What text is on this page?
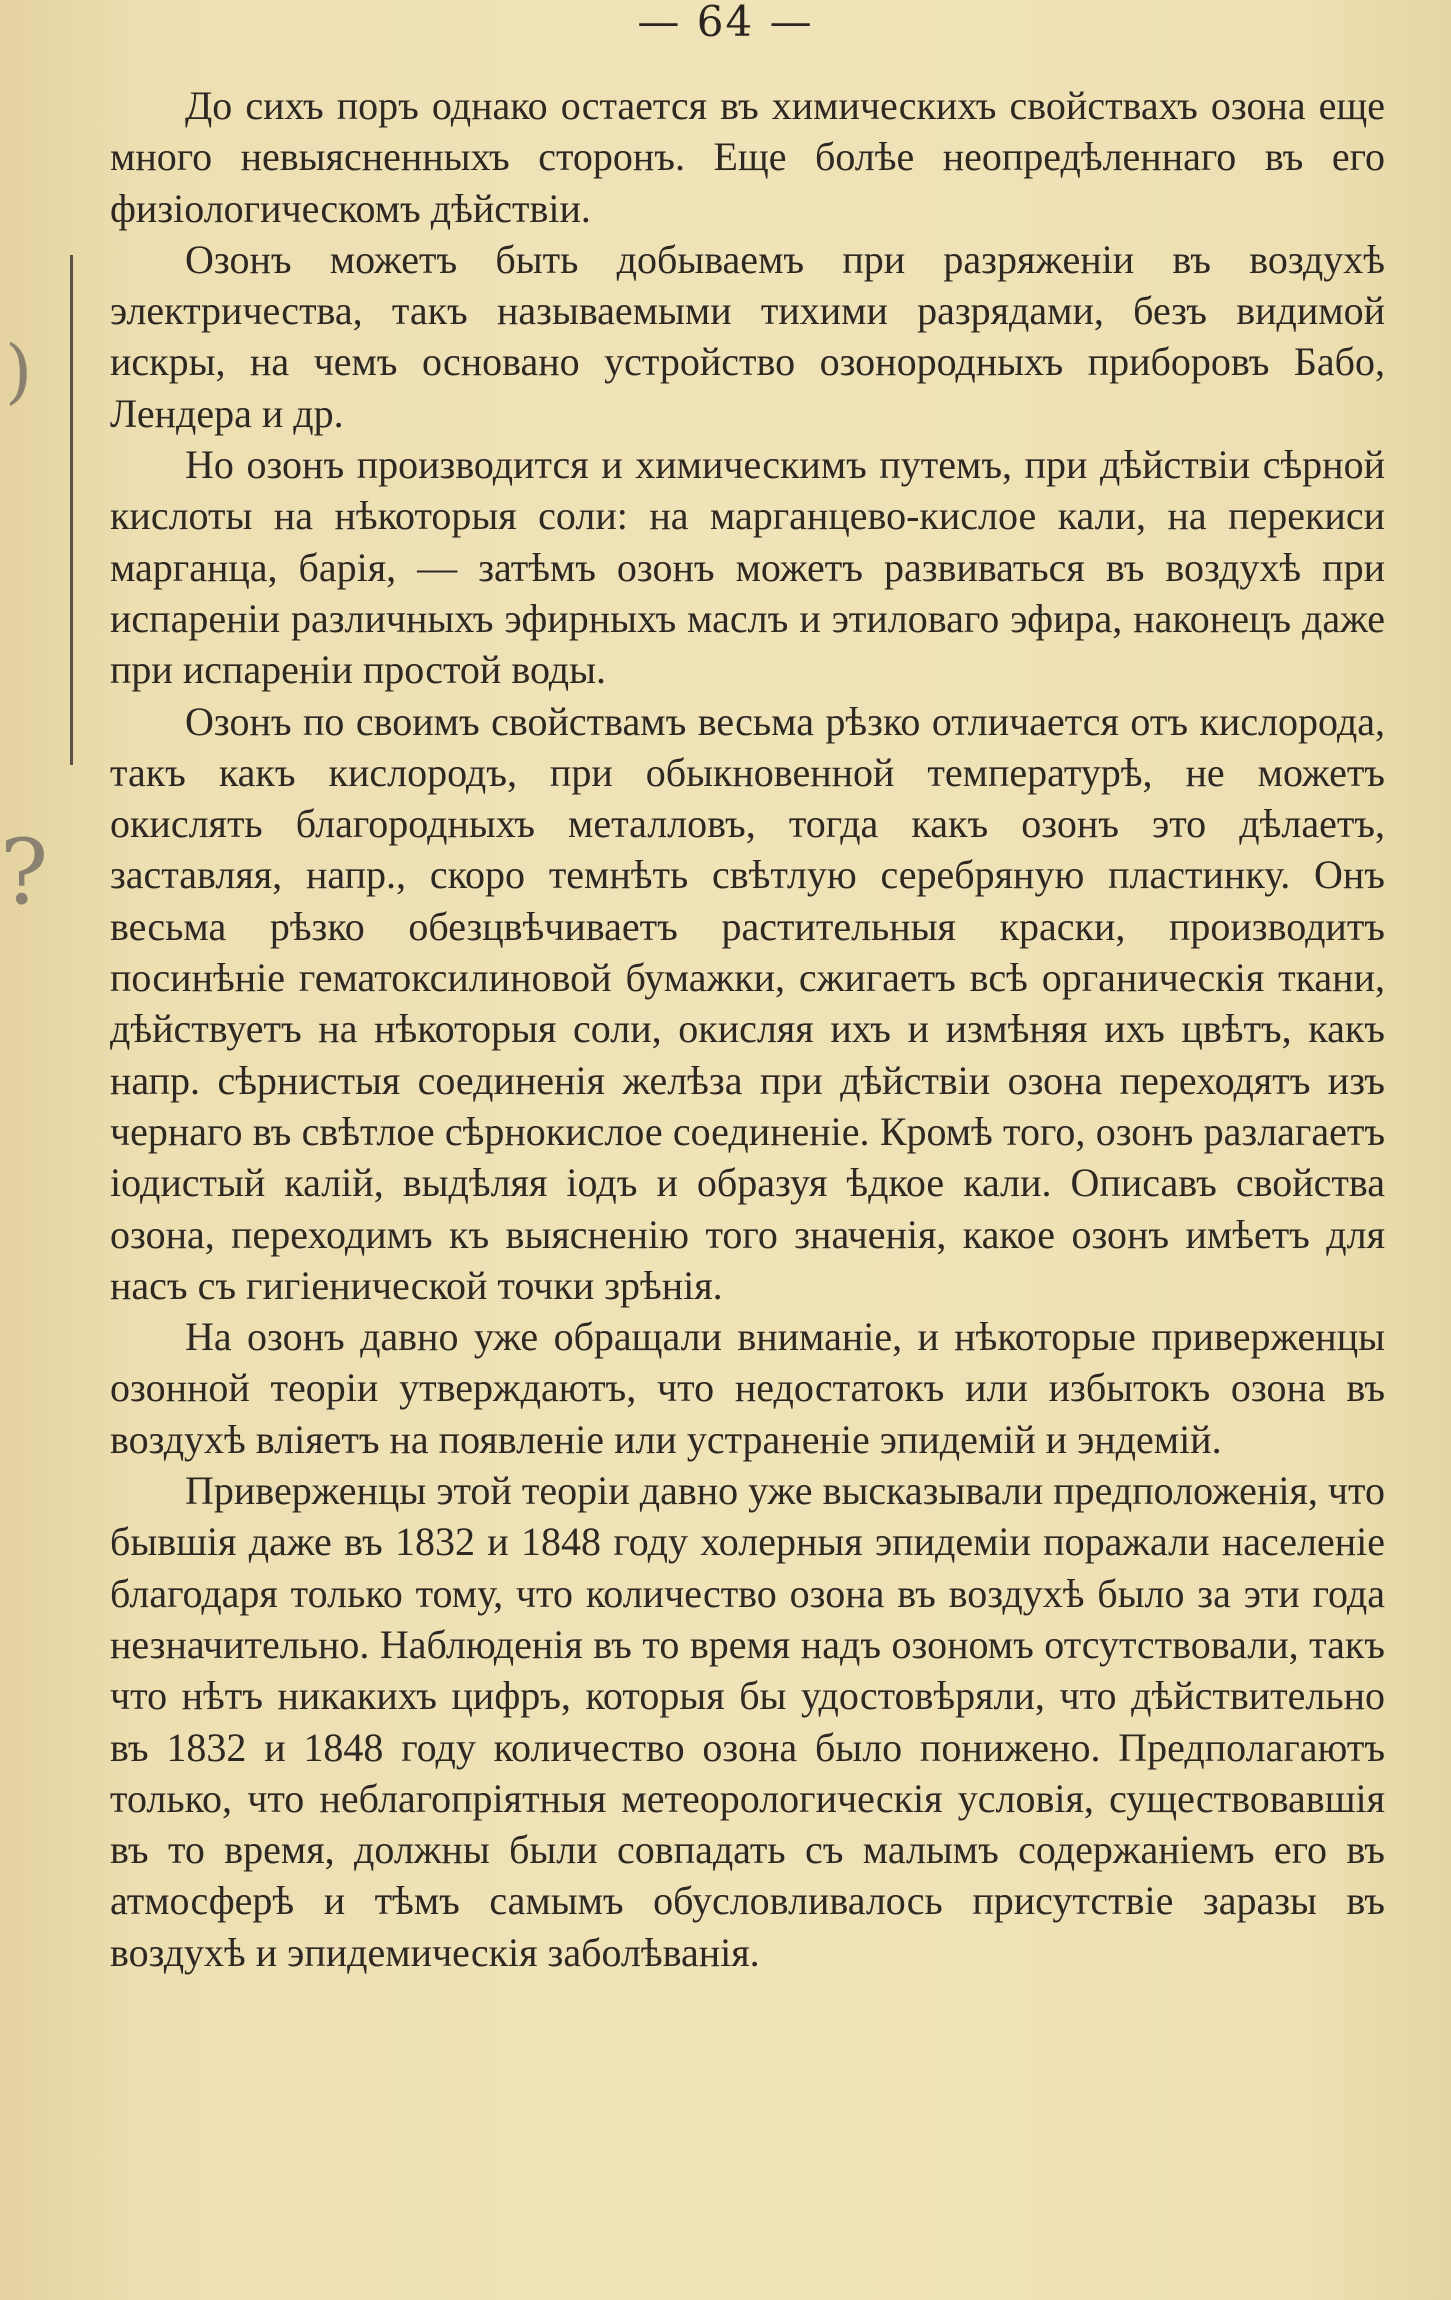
— 64 —
)
?

До сихъ поръ однако остается въ химическихъ свойствахъ озона еще много невыясненныхъ сторонъ. Еще болѣе неопредѣленнаго въ его физіологическомъ дѣйствіи.

Озонъ можетъ быть добываемъ при разряженіи въ воздухѣ электричества, такъ называемыми тихими разрядами, безъ видимой искры, на чемъ основано устройство озонородныхъ приборовъ Бабо, Лендера и др.

Но озонъ производится и химическимъ путемъ, при дѣйствіи сѣрной кислоты на нѣкоторыя соли: на марганцево-кислое кали, на перекиси марганца, барія, — затѣмъ озонъ можетъ развиваться въ воздухѣ при испареніи различныхъ эфирныхъ маслъ и этиловаго эфира, наконецъ даже при испареніи простой воды.

Озонъ по своимъ свойствамъ весьма рѣзко отличается отъ кислорода, такъ какъ кислородъ, при обыкновенной температурѣ, не можетъ окислять благородныхъ металловъ, тогда какъ озонъ это дѣлаетъ, заставляя, напр., скоро темнѣть свѣтлую серебряную пластинку. Онъ весьма рѣзко обезцвѣчиваетъ растительныя краски, производитъ посинѣніе гематоксилиновой бумажки, сжигаетъ всѣ органическія ткани, дѣйствуетъ на нѣкоторыя соли, окисляя ихъ и измѣняя ихъ цвѣтъ, какъ напр. сѣрнистыя соединенія желѣза при дѣйствіи озона переходятъ изъ чернаго въ свѣтлое сѣрнокислое соединеніе. Кромѣ того, озонъ разлагаетъ іодистый калій, выдѣляя іодъ и образуя ѣдкое кали. Описавъ свойства озона, переходимъ къ выясненію того значенія, какое озонъ имѣетъ для насъ съ гигіенической точки зрѣнія.

На озонъ давно уже обращали вниманіе, и нѣкоторые приверженцы озонной теоріи утверждаютъ, что недостатокъ или избытокъ озона въ воздухѣ вліяетъ на появленіе или устраненіе эпидемій и эндемій.

Приверженцы этой теоріи давно уже высказывали предположенія, что бывшія даже въ 1832 и 1848 году холерныя эпидеміи поражали населеніе благодаря только тому, что количество озона въ воздухѣ было за эти года незначительно. Наблюденія въ то время надъ озономъ отсутствовали, такъ что нѣтъ никакихъ цифръ, которыя бы удостовѣряли, что дѣйствительно въ 1832 и 1848 году количество озона было понижено. Предполагаютъ только, что неблагопріятныя метеорологическія условія, существовавшія въ то время, должны были совпадать съ малымъ содержаніемъ его въ атмосферѣ и тѣмъ самымъ обусловливалось присутствіе заразы въ воздухѣ и эпидемическія заболѣванія.
